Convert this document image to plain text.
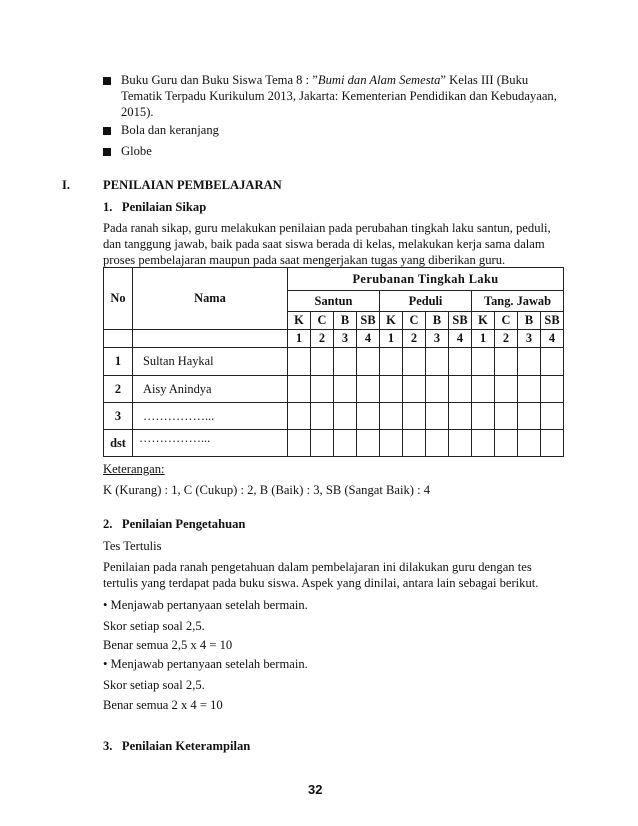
Buku Guru dan Buku Siswa Tema 8 : ”Bumi dan Alam Semesta” Kelas III (Buku
Tematik Terpadu Kurikulum 2013, Jakarta: Kementerian Pendidikan dan Kebudayaan,
2015).
Bola dan keranjang
Globe
I.	PENILAIAN PEMBELAJARAN
1.   Penilaian Sikap
Pada ranah sikap, guru melakukan penilaian pada perubahan tingkah laku santun, peduli,
dan tanggung jawab, baik pada saat siswa berada di kelas, melakukan kerja sama dalam
proses pembelajaran maupun pada saat mengerjakan tugas yang diberikan guru.
No	Nama	Perubanan Tingkah Laku											
		Santun				Peduli				Tang. Jawab			
		K	C	B	SB	K	C	B	SB	K	C	B	SB
		1	2	3	4	1	2	3	4	1	2	3	4
1	Sultan Haykal												
2	Aisy Anindya												
3	……………...												
dst	……………...												
Keterangan:
K (Kurang) : 1, C (Cukup) : 2, B (Baik) : 3, SB (Sangat Baik) : 4
2.   Penilaian Pengetahuan
Tes Tertulis
Penilaian pada ranah pengetahuan dalam pembelajaran ini dilakukan guru dengan tes
tertulis yang terdapat pada buku siswa. Aspek yang dinilai, antara lain sebagai berikut.
• Menjawab pertanyaan setelah bermain.
Skor setiap soal 2,5.
Benar semua 2,5 x 4 = 10
• Menjawab pertanyaan setelah bermain.
Skor setiap soal 2,5.
Benar semua 2 x 4 = 10
3.   Penilaian Keterampilan
32
